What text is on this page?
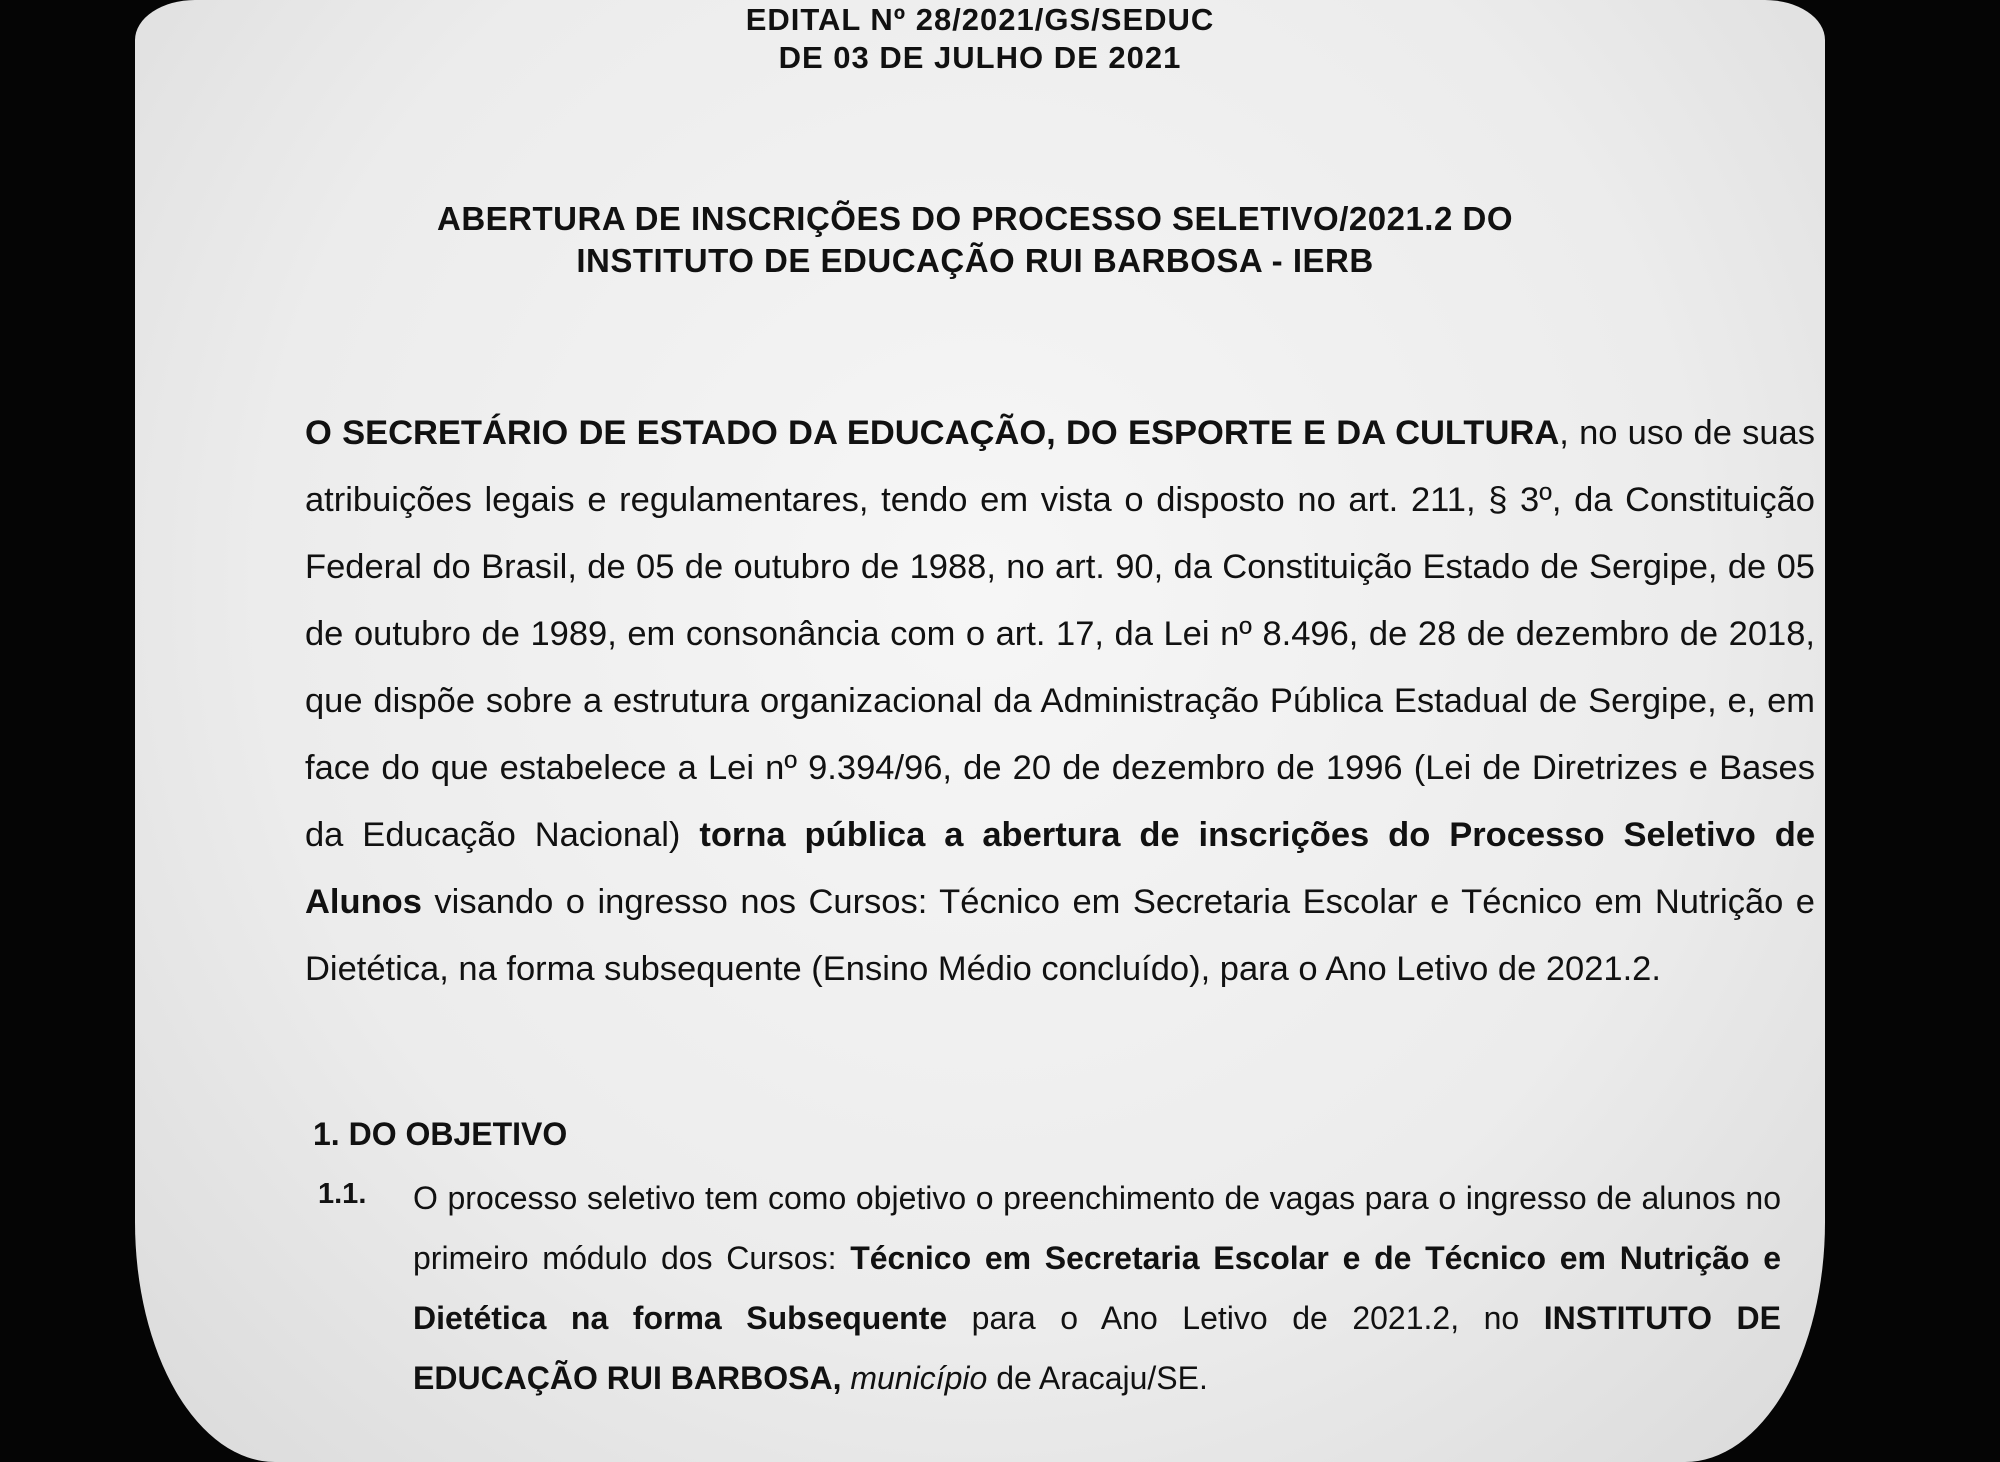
EDITAL Nº 28/2021/GS/SEDUC
DE 03 DE JULHO DE 2021
ABERTURA DE INSCRIÇÕES DO PROCESSO SELETIVO/2021.2 DO
INSTITUTO DE EDUCAÇÃO RUI BARBOSA - IERB
O SECRETÁRIO DE ESTADO DA EDUCAÇÃO, DO ESPORTE E DA CULTURA, no uso de suas atribuições legais e regulamentares, tendo em vista o disposto no art. 211, § 3º, da Constituição Federal do Brasil, de 05 de outubro de 1988, no art. 90, da Constituição Estado de Sergipe, de 05 de outubro de 1989, em consonância com o art. 17, da Lei nº 8.496, de 28 de dezembro de 2018, que dispõe sobre a estrutura organizacional da Administração Pública Estadual de Sergipe, e, em face do que estabelece a Lei nº 9.394/96, de 20 de dezembro de 1996 (Lei de Diretrizes e Bases da Educação Nacional) torna pública a abertura de inscrições do Processo Seletivo de Alunos visando o ingresso nos Cursos: Técnico em Secretaria Escolar e Técnico em Nutrição e Dietética, na forma subsequente (Ensino Médio concluído), para o Ano Letivo de 2021.2.
1. DO OBJETIVO
1.1. O processo seletivo tem como objetivo o preenchimento de vagas para o ingresso de alunos no primeiro módulo dos Cursos: Técnico em Secretaria Escolar e de Técnico em Nutrição e Dietética na forma Subsequente para o Ano Letivo de 2021.2, no INSTITUTO DE EDUCAÇÃO RUI BARBOSA, município de Aracaju/SE.
